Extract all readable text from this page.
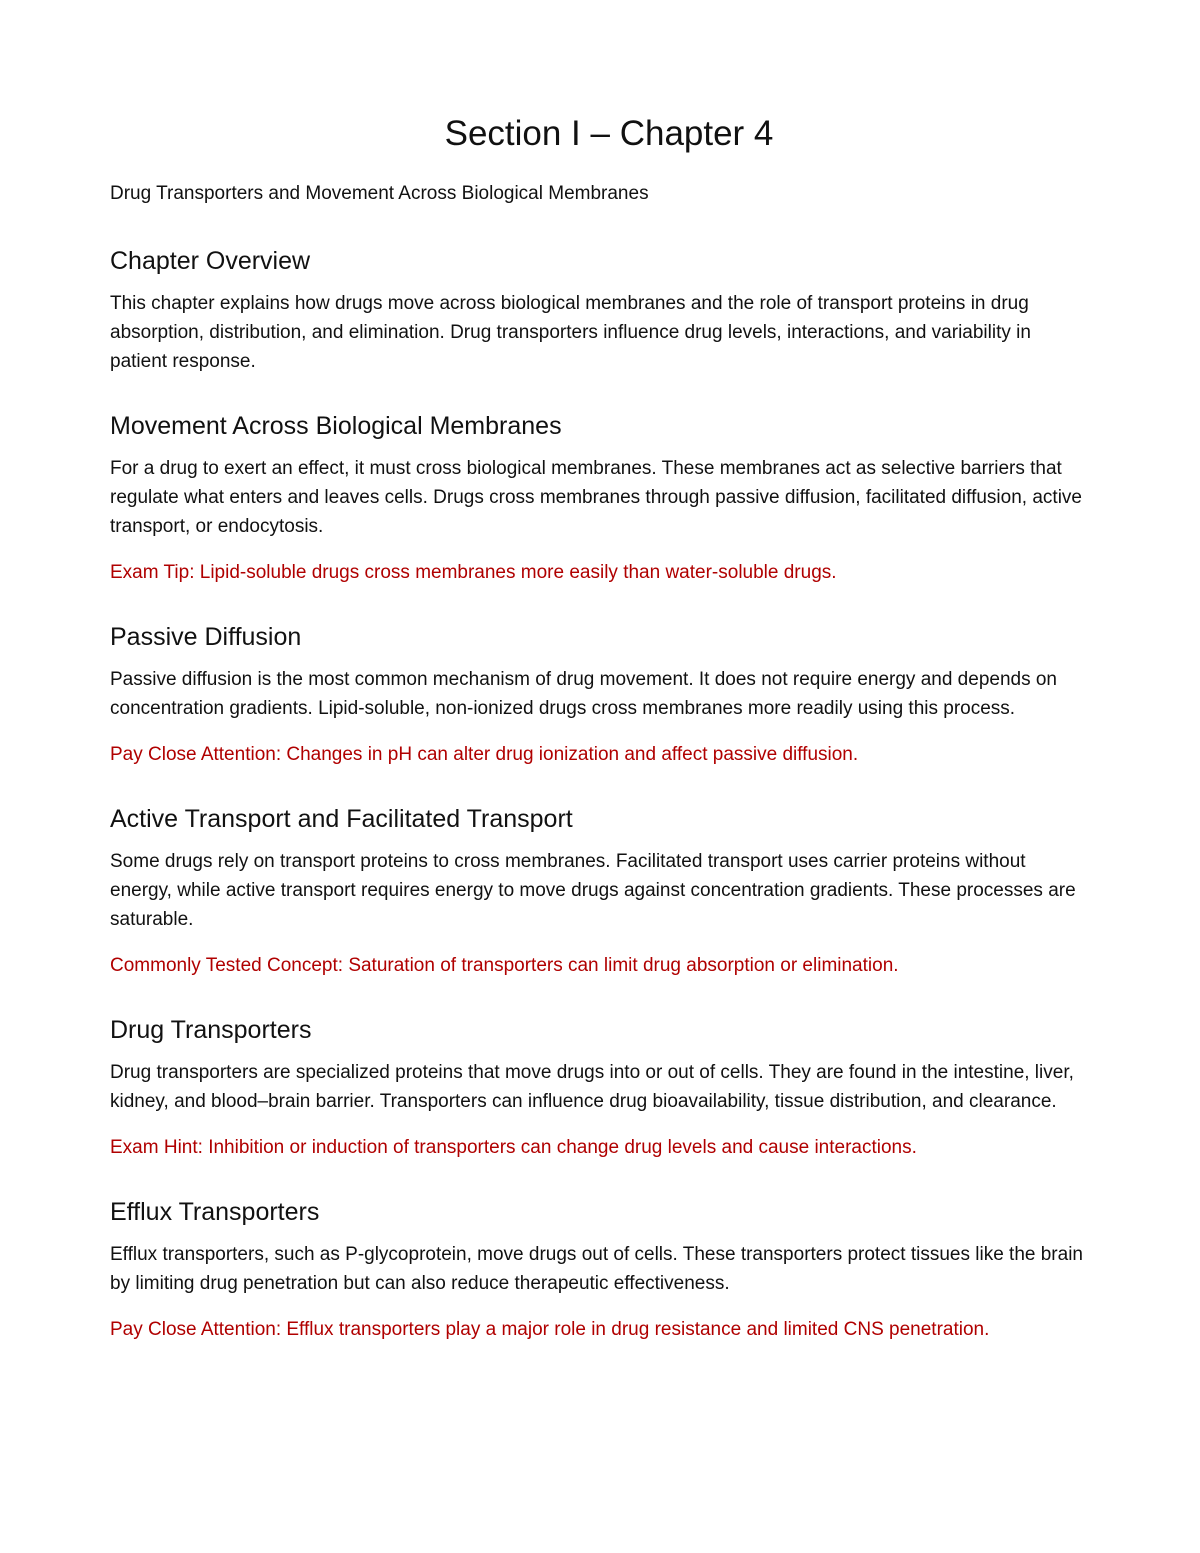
Section I – Chapter 4

Drug Transporters and Movement Across Biological Membranes

Chapter Overview

This chapter explains how drugs move across biological membranes and the role of transport proteins in drug absorption, distribution, and elimination. Drug transporters influence drug levels, interactions, and variability in patient response.

Movement Across Biological Membranes

For a drug to exert an effect, it must cross biological membranes. These membranes act as selective barriers that regulate what enters and leaves cells. Drugs cross membranes through passive diffusion, facilitated diffusion, active transport, or endocytosis.

Exam Tip: Lipid-soluble drugs cross membranes more easily than water-soluble drugs.

Passive Diffusion

Passive diffusion is the most common mechanism of drug movement. It does not require energy and depends on concentration gradients. Lipid-soluble, non-ionized drugs cross membranes more readily using this process.

Pay Close Attention: Changes in pH can alter drug ionization and affect passive diffusion.

Active Transport and Facilitated Transport

Some drugs rely on transport proteins to cross membranes. Facilitated transport uses carrier proteins without energy, while active transport requires energy to move drugs against concentration gradients. These processes are saturable.

Commonly Tested Concept: Saturation of transporters can limit drug absorption or elimination.

Drug Transporters

Drug transporters are specialized proteins that move drugs into or out of cells. They are found in the intestine, liver, kidney, and blood–brain barrier. Transporters can influence drug bioavailability, tissue distribution, and clearance.

Exam Hint: Inhibition or induction of transporters can change drug levels and cause interactions.

Efflux Transporters

Efflux transporters, such as P-glycoprotein, move drugs out of cells. These transporters protect tissues like the brain by limiting drug penetration but can also reduce therapeutic effectiveness.

Pay Close Attention: Efflux transporters play a major role in drug resistance and limited CNS penetration.
